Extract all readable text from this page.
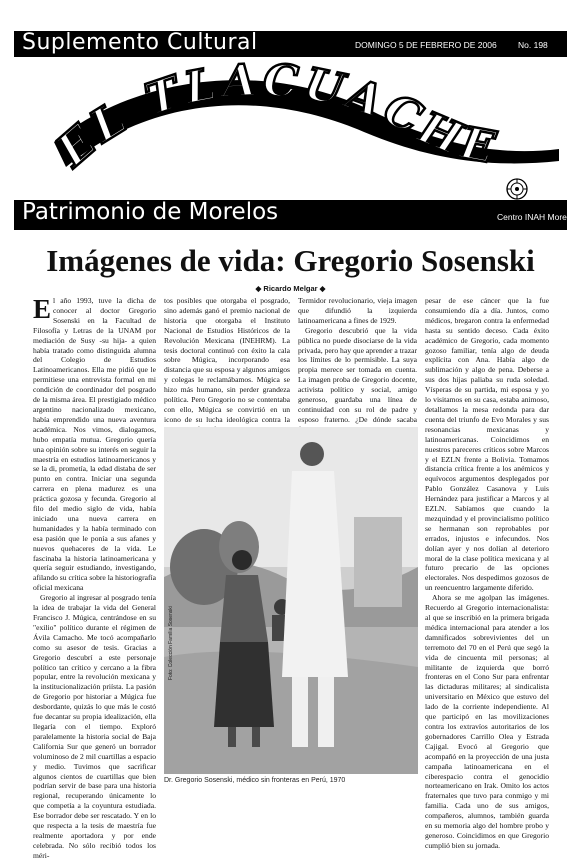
Suplemento Cultural	DOMINGO 5 DE FEBRERO DE 2006	No. 198
EL TLACUACHE
Patrimonio de Morelos	Centro INAH Morelos
Imágenes de vida: Gregorio Sosenski
◆ Ricardo Melgar ◆

El año 1993, tuve la dicha de conocer al doctor Gregorio Sosenski en la Facultad de Filosofía y Letras de la UNAM por mediación de Susy -su hija- a quien había tratado como distinguida alumna del Colegio de Estudios Latinoamericanos. Ella me pidió que le permitiese una entrevista formal en mi condición de coordinador del posgrado de la misma área. El prestigiado médico argentino nacionalizado mexicano, había emprendido una nueva aventura académica. Nos vimos, dialogamos, hubo empatía mutua. Gregorio quería una opinión sobre su interés en seguir la maestría en estudios latinoamericanos y se la di, prometía, la edad distaba de ser punto en contra. Iniciar una segunda carrera en plena madurez es una práctica gozosa y fecunda. Gregorio al filo del medio siglo de vida, había iniciado una nueva carrera en humanidades y la había terminado con esa pasión que le ponía a sus afanes y nuevos quehaceres de la vida. Le fascinaba la historia latinoamericana y quería seguir estudiando, investigando, afilando su crítica sobre la historiografía oficial mexicana

Gregorio al ingresar al posgrado tenía la idea de trabajar la vida del General Francisco J. Múgica, centrándose en su "exilio" político durante el régimen de Ávila Camacho. Me tocó acompañarlo como su asesor de tesis. Gracias a Gregorio descubrí a este personaje político tan crítico y cercano a la fibra popular, entre la revolución mexicana y la institucionalización priísta. La pasión de Gregorio por historiar a Múgica fue desbordante, quizás lo que más le costó fue decantar su propia idealización, ella llegaría con el tiempo. Exploró paralelamente la historia social de Baja California Sur que generó un borrador voluminoso de 2 mil cuartillas a espacio y medio. Tuvimos que sacrificar algunos cientos de cuartillas que bien podrían servir de base para una historia regional, recuperando únicamente lo que competía a la coyuntura estudiada. Ese borrador debe ser rescatado. Y en lo que respecta a la tesis de maestría fue realmente aportadora y por ende celebrada. No sólo recibió todos los méri-

tos posibles que otorgaba el posgrado, sino además ganó el premio nacional de historia que otorgaba el Instituto Nacional de Estudios Históricos de la Revolución Mexicana (INEHRM). La tesis doctoral continuó con éxito la cala sobre Múgica, incorporando esa distancia que su esposa y algunos amigos y colegas le reclamábamos. Múgica se hizo más humano, sin perder grandeza política. Pero Gregorio no se contentaba con ello, Múgica se convirtió en un icono de su lucha ideológica contra la

Termidor revolucionario, vieja imagen que difundió la izquierda latinoamericana a fines de 1929.

Gregorio descubrió que la vida pública no puede disociarse de la vida privada, pero hay que aprender a trazar los límites de lo permisible. La suya propia merece ser tomada en cuenta. La imagen proba de Gregorio docente, activista político y social, amigo generoso, guardaba una línea de continuidad con su rol de padre y esposo fraterno. ¿De dónde sacaba

pesar de ese cáncer que la fue consumiendo día a día. Juntos, como médicos, bregaron contra la enfermedad hasta su sentido deceso. Cada éxito académico de Gregorio, cada momento gozoso familiar, tenía algo de deuda explícita con Ana. Había algo de sublimación y algo de pena. Deberse a sus dos hijas paliaba su ruda soledad. Vísperas de su partida, mi esposa y yo lo visitamos en su casa, estaba animoso, detallamos la mesa redonda para dar cuenta del triunfo de Evo Morales y sus resonancias mexicanas y latinoamericanas. Coincidimos en nuestros pareceres críticos sobre Marcos y el EZLN frente a Bolivia. Tomamos distancia crítica frente a los anémicos y equívocos argumentos desplegados por Pablo González Casanova y Luis Hernández para justificar a Marcos y al EZLN. Sabíamos que cuando la mezquindad y el provincialismo político se hermanan son reprobables por errados, injustos e infecundos. Nos dolían ayer y nos dolían al deterioro moral de la clase política mexicana y al futuro precario de las opciones electorales. Nos despedimos gozosos de un reencuentro largamente diferido.

Ahora se me agolpan las imágenes. Recuerdo al Gregorio internacionalista: al que se inscribió en la primera brigada médica internacional para atender a los damnificados sobrevivientes del un terremoto del 70 en el Perú que segó la vida de cincuenta mil personas; al militante de izquierda que borró fronteras en el Cono Sur para enfrentar las dictaduras militares; al sindicalista universitario en México que estuvo del lado de la corriente independiente. Al que participó en las movilizaciones contra los extravíos autoritarios de los gobernadores Carrillo Olea y Estrada Cajigal. Evocó al Gregorio que acompañó en la proyección de una justa campaña latinoamericana en el ciberespacio contra el genocidio norteamericano en Irak. Omito los actos fraternales que tuvo para conmigo y mi familia. Cada uno de sus amigos, compañeros, alumnos, también guarda en su memoria algo del hombre probo y generoso. Coincidimos en que Gregorio cumplió bien su jornada.

Foto: Colección Familia Sosenski
Dr. Gregorio Sosenski, médico sin fronteras en Perú, 1970
